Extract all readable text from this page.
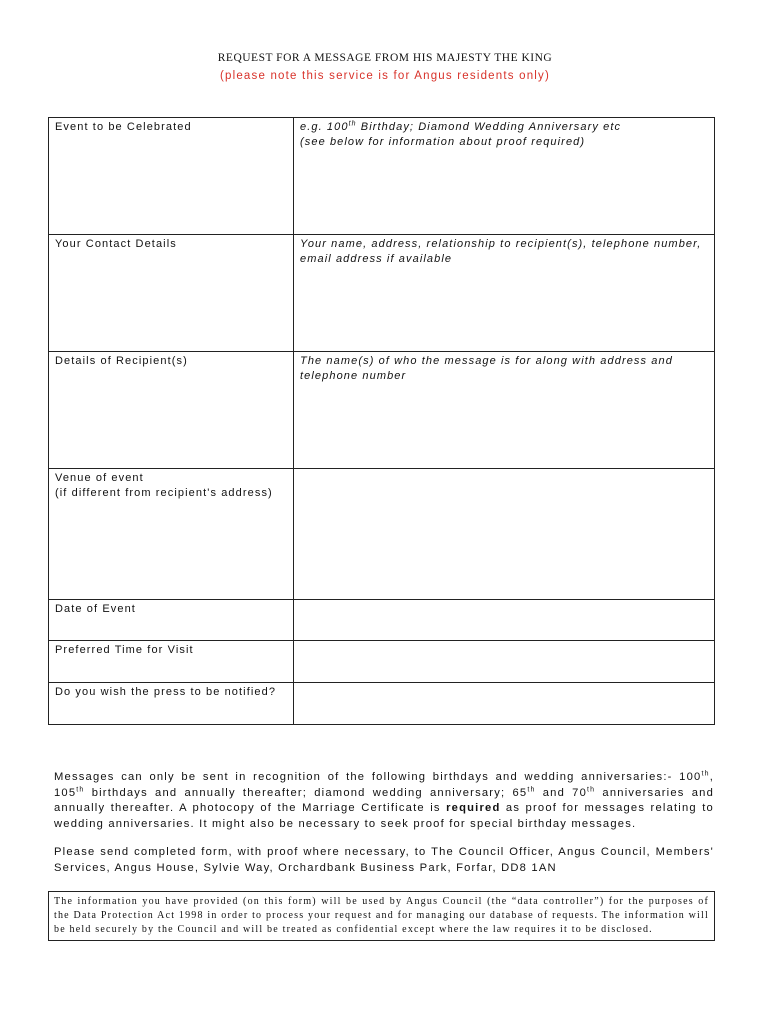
REQUEST FOR A MESSAGE FROM HIS MAJESTY THE KING
(please note this service is for Angus residents only)
Event to be Celebrated	e.g. 100th Birthday; Diamond Wedding Anniversary etc
(see below for information about proof required)

Your Contact Details	Your name, address, relationship to recipient(s), telephone number, email address if available

Details of Recipient(s)	The name(s) of who the message is for along with address and telephone number

Venue of event
(if different from recipient's address)	

Date of Event	

Preferred Time for Visit	

Do you wish the press to be notified?	

Messages can only be sent in recognition of the following birthdays and wedding anniversaries:- 100th, 105th birthdays and annually thereafter; diamond wedding anniversary; 65th and 70th anniversaries and annually thereafter. A photocopy of the Marriage Certificate is required as proof for messages relating to wedding anniversaries. It might also be necessary to seek proof for special birthday messages.
Please send completed form, with proof where necessary, to The Council Officer, Angus Council, Members' Services, Angus House, Sylvie Way, Orchardbank Business Park, Forfar, DD8 1AN
The information you have provided (on this form) will be used by Angus Council (the “data controller”) for the purposes of the Data Protection Act 1998 in order to process your request and for managing our database of requests. The information will be held securely by the Council and will be treated as confidential except where the law requires it to be disclosed.
